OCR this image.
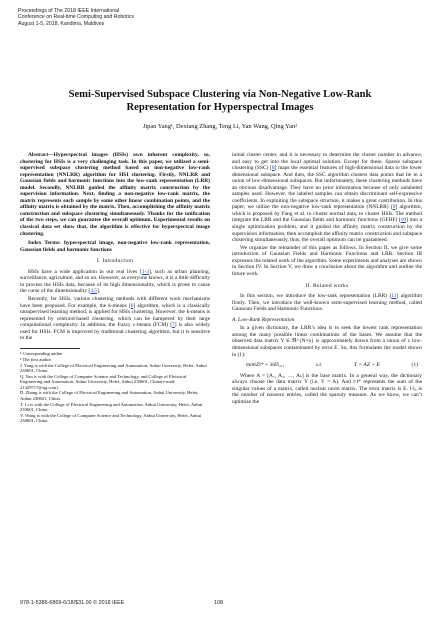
Proceedings of The 2018 IEEE International
Conference on Real-time Computing and Robotics
August 1-5, 2018, Kandima, Maldives
Semi-Supervised Subspace Clustering via Non-Negative Low-Rank
Representation for Hyperspectral Images
Jipan Yang¹, Dexiang Zhang, Teng Li, Yan Wang, Qing Yan²

Abstract—Hyperspectral images (HSIs) own inherent complexity, so, clustering for HSIs is a very challenging task. In this paper, we utilized a semi-supervised subspace clustering method based on non-negative low-rank representation (NNLRR) algorithm for HSI clustering. Firstly, NNLRR and Gaussian fields and harmonic functions into the low-rank representation (LRR) model. Secondly, NNLRR guided the affinity matrix construction by the supervision information. Next, finding a non-negative low-rank matrix, the matrix represents each sample by some other linear combination points, and the affinity matrix is obtained by the matrix. Then, accomplishing the affinity matrix construction and subspace clustering simultaneously. Thanks for the unification of the two steps, we can guarantee the overall optimum. Experimental results on classical data set show that, the algorithm is effective for hyperspectral image clustering.

Index Terms: hyperspectral image, non-negative low-rank representation, Gaussian fields and harmonic functions

I. Introduction

HSIs have a wide application in our real lives [1-3], such as urban planning, surveillance, agriculture, and so on. However, as everyone knows, it is a little difficulty to process the HSIs data, because of its high dimensionality, which is prone to cause the curse of the dimensionality [4,5].

Recently, for HSIs, various clustering methods with different work mechanisms have been proposed. For example, the k-means [6] algorithm, which is a classically unsupervised learning method, is applied for HSIs clustering. However, the k-means is represented by centroid-based clustering, which can be hampered by their large computational complexity. In addition, the Fuzzy c-means (FCM) [7] is also widely used for HSIs. FCM is improved by traditional clustering algorithm, but it is sensitive to the

¹ Corresponding author

² The first author.

J. Yang is with the College of Electrical Engineering and Automation, Anhui University, Hefei, Anhui 230601, China.

Q. Yan is with the College of Computer Science and Technology, and College of Electrical Engineering and Automation, Anhui University, Hefei, Anhui 230601, China(e-mail: 21429717@qq.com).

D. Zhang is with the College of Electrical Engineering and Automation, Anhui University, Hefei, Anhui 230601, China.

T. Li is with the College of Electrical Engineering and Automation, Anhui University, Hefei, Anhui 230601, China.

Y. Wang is with the College of Computer Science and Technology, Anhui University, Hefei, Anhui 230601, China.

initial cluster center, and it is necessary to determine the cluster number in advance, and easy to get into the local optimal solution. Except for these, Sparse subspace clustering (SSC) [8] maps the essential features of high-dimensional data to the lower dimensional subspace. And then, the SSC algorithm clusters data points that lie in a union of low-dimensional subspaces. But unfortunately, these clustering methods have an obvious disadvantage. They have no prior information because of only unlabeled samples used. However, the labeled samples can obtain discriminant self-expressive coefficients. In exploiting the subspace structure, it makes a great contribution. In this paper, we utilize the non-negative low-rank representation (NNLRR) [9] algorithm, which is proposed by Fang et al. to cluster normal data, to cluster HSIs. The method integrate the LRR and the Gaussian fields and harmonic functions (GFHF) [10] into a single optimization problem, and it guided the affinity matrix construction by the supervision information, then accomplish the affinity matrix construction and subspace clustering simultaneously, thus, the overall optimum can be guaranteed.

We organize the remainder of this paper as follows. In Section II, we give some introduction of Gaussian Fields and Harmonic Functions and LRR. Section III expresses the related work of the algorithm. Some experiments and analyses are shown in Section IV. In Section V, we draw a conclusion about the algorithm and outline the future work.

II. Related works

In this section, we introduce the low-rank representation (LRR) [11] algorithm firstly. Then, we introduce the well-known semi-supervised learning method, called Gaussian Fields and Harmonic Functions.

A. Low-Rank Representation

In a given dictionary, the LRR’s idea is to seek the lowest rank representation among the many possible linear combinations of the bases. We assume that the observed data matrix Y ∈ ℜ^{N×n} is approximately drawn from a union of c low-dimensional subspaces contaminated by error E. So, this formulates the model shown in (1):

min‖Z‖* + λ‖E‖₂,₁	s.t.	Y = AZ + E	(1)

Where A = [A₁, A₂, …, Aₖ] is the base matrix. In a general way, the dictionary always choose the data matrix Y (i.e. Y = A). And ‖·‖* represents the sum of the singular values of a matrix, called nuclear norm matrix. The error matrix is E. ‖·‖₀ is the number of nonzero entries, called the sparsity measure. As we know, we can’t optimize the

978-1-5386-6869-6/18/$31.00 © 2018 IEEE	108
